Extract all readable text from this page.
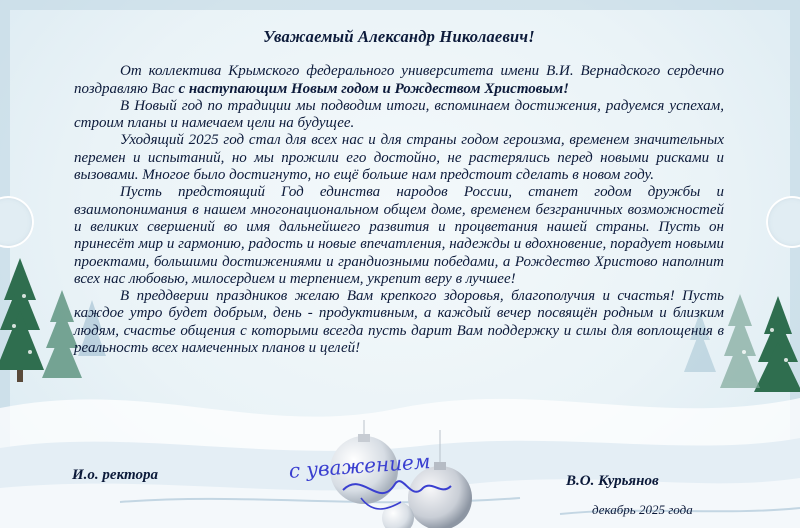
с уважением

Уважаемый Александр Николаевич!

От коллектива Крымского федерального университета имени В.И. Вернадского сердечно поздравляю Вас с наступающим Новым годом и Рождеством Христовым!

В Новый год по традиции мы подводим итоги, вспоминаем достижения, радуемся успехам, строим планы и намечаем цели на будущее.

Уходящий 2025 год стал для всех нас и для страны годом героизма, временем значительных перемен и испытаний, но мы прожили его достойно, не растерялись перед новыми рисками и вызовами. Многое было достигнуто, но ещё больше нам предстоит сделать в новом году.

Пусть предстоящий Год единства народов России, станет годом дружбы и взаимопонимания в нашем многонациональном общем доме, временем безграничных возможностей и великих свершений во имя дальнейшего развития и процветания нашей страны. Пусть он принесёт мир и гармонию, радость и новые впечатления, надежды и вдохновение, порадует новыми проектами, большими достижениями и грандиозными победами, а Рождество Христово наполнит всех нас любовью, милосердием и терпением, укрепит веру в лучшее!

В преддверии праздников желаю Вам крепкого здоровья, благополучия и счастья! Пусть каждое утро будет добрым, день - продуктивным, а каждый вечер посвящён родным и близким людям, счастье общения с которыми всегда пусть дарит Вам поддержку и силы для воплощения в реальность всех намеченных планов и целей!

И.о. ректора	В.О. Курьянов
декабрь 2025 года
